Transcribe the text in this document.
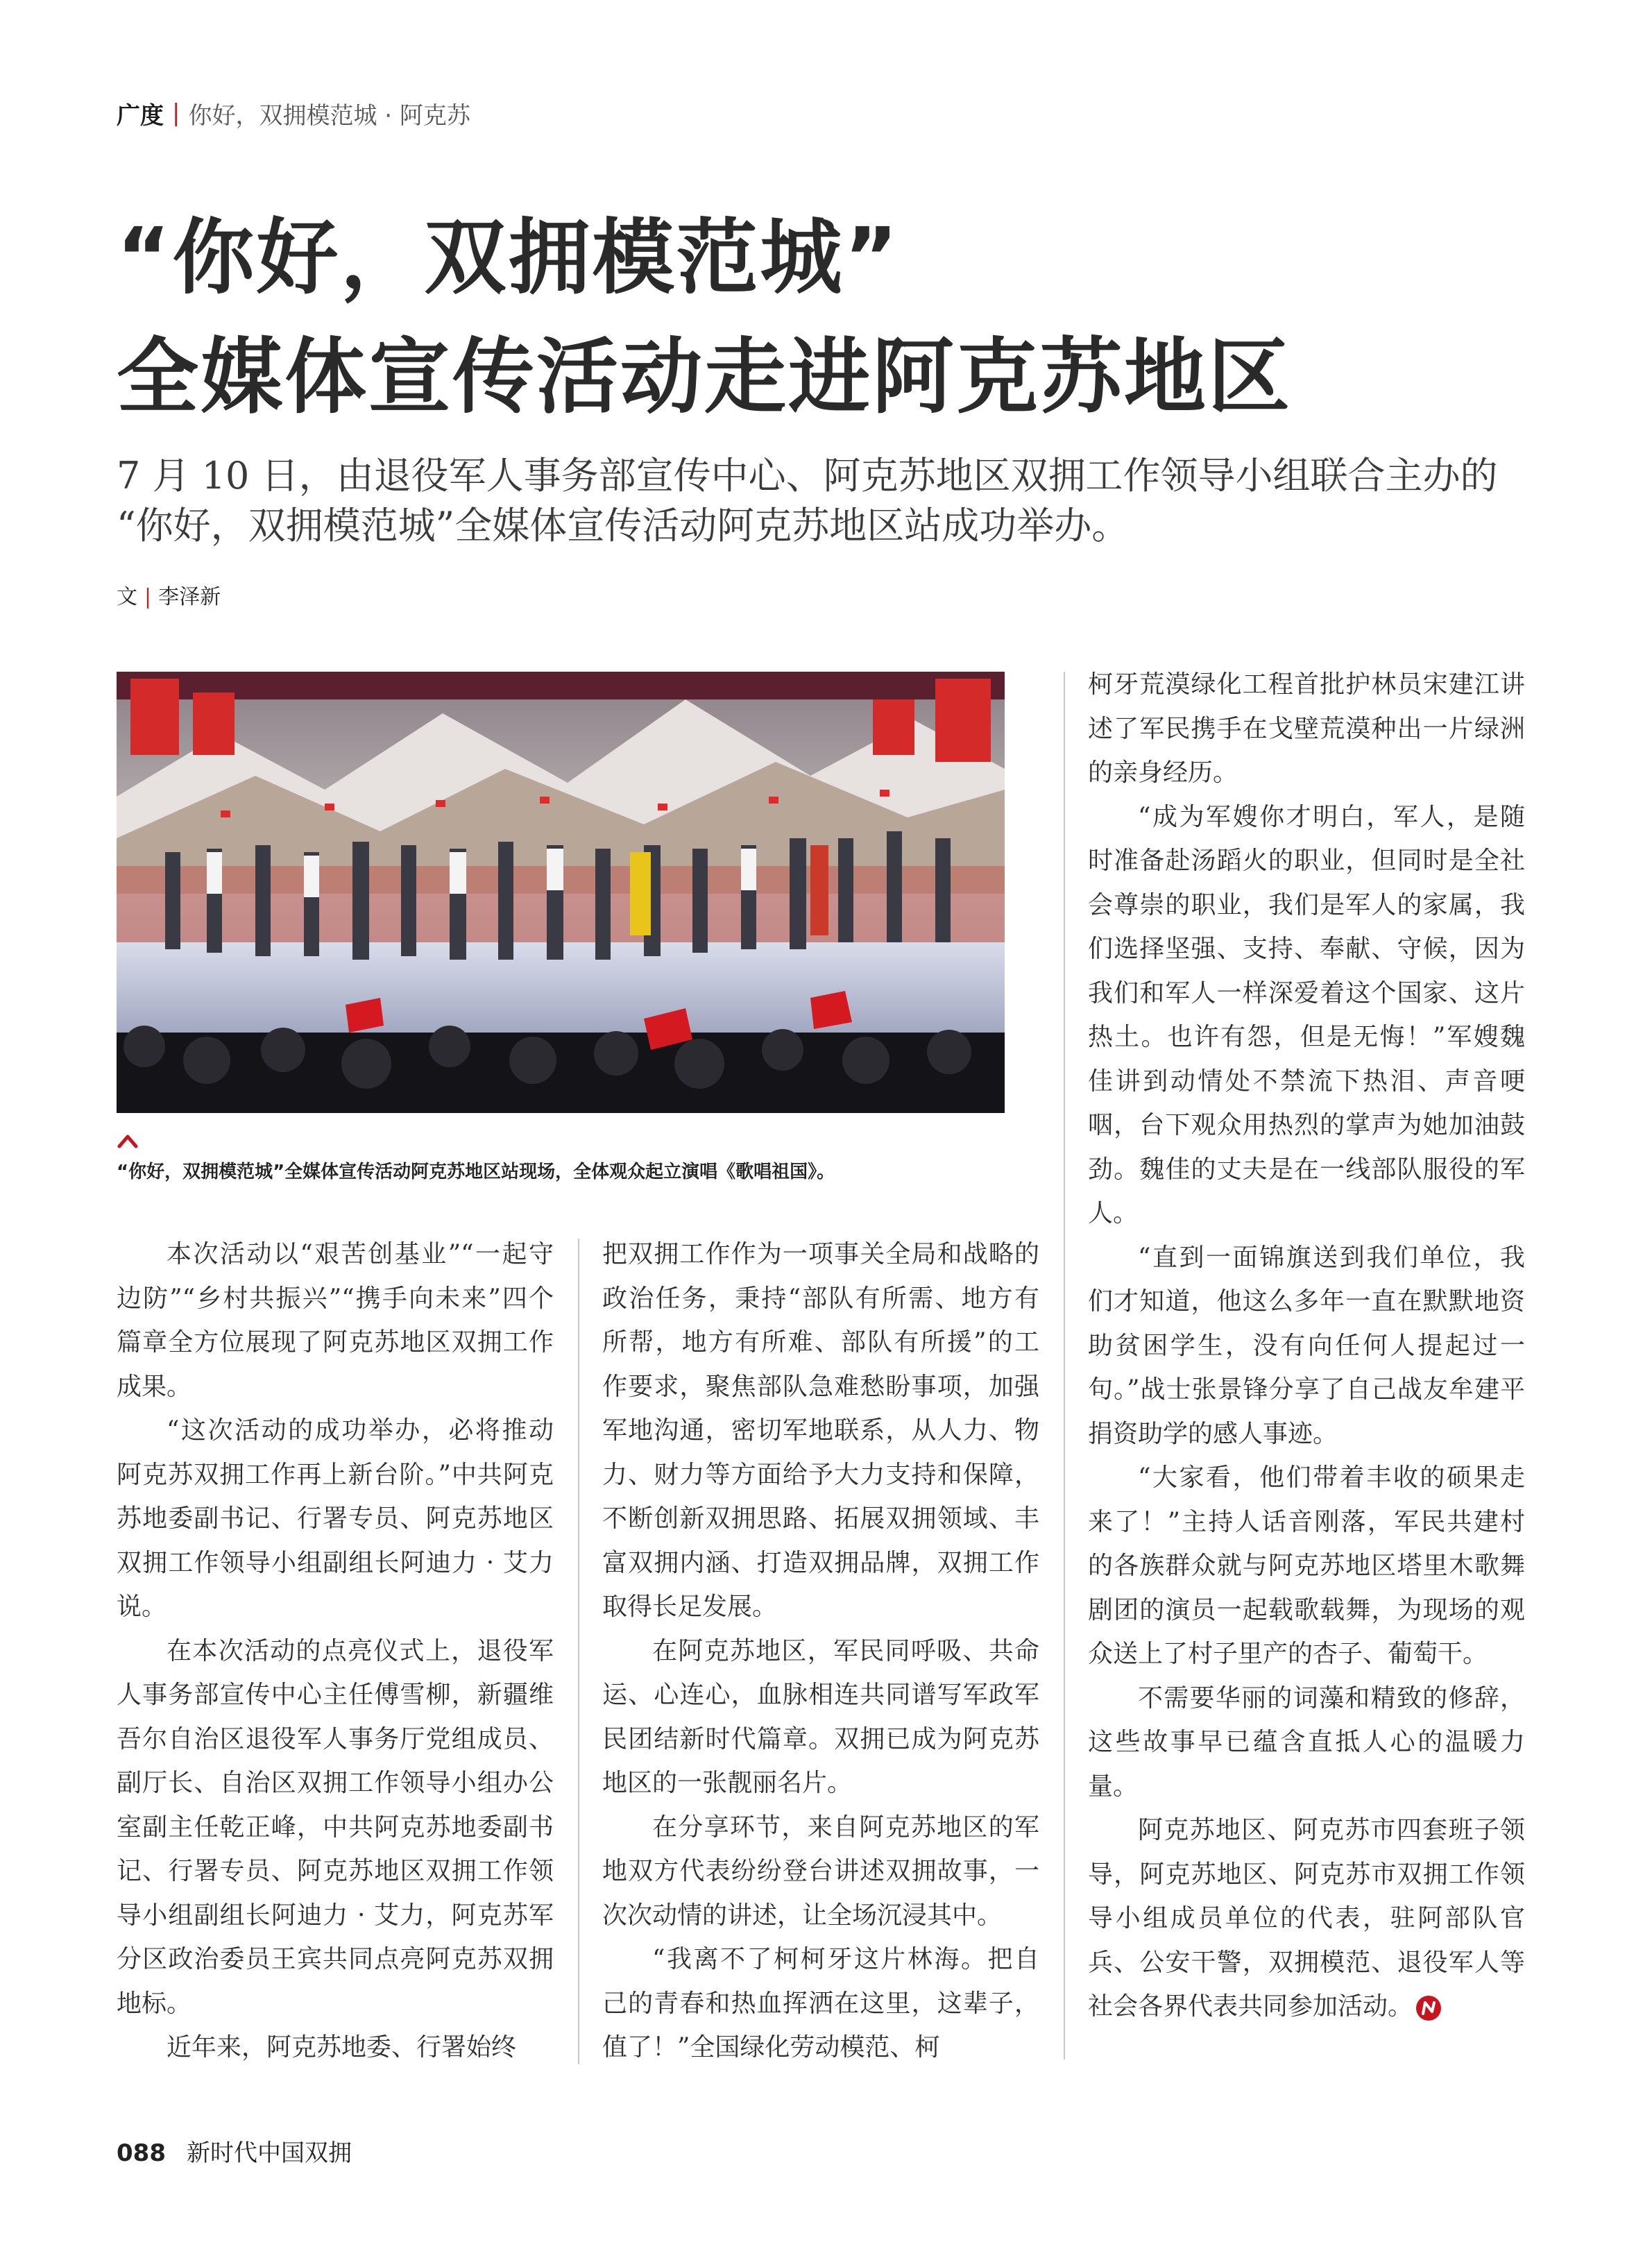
广度 | 你好，双拥模范城 · 阿克苏
“你好，双拥模范城”
全媒体宣传活动走进阿克苏地区
7 月 10 日，由退役军人事务部宣传中心、阿克苏地区双拥工作领导小组联合主办的
“你好，双拥模范城”全媒体宣传活动阿克苏地区站成功举办。
文 | 李泽新
“你好，双拥模范城”全媒体宣传活动阿克苏地区站现场，全体观众起立演唱《歌唱祖国》。

本次活动以“艰苦创基业”“一起守边防”“乡村共振兴”“携手向未来”四个篇章全方位展现了阿克苏地区双拥工作成果。

“这次活动的成功举办，必将推动阿克苏双拥工作再上新台阶。”中共阿克苏地委副书记、行署专员、阿克苏地区双拥工作领导小组副组长阿迪力 · 艾力说。

在本次活动的点亮仪式上，退役军人事务部宣传中心主任傅雪柳，新疆维吾尔自治区退役军人事务厅党组成员、副厅长、自治区双拥工作领导小组办公室副主任乾正峰，中共阿克苏地委副书记、行署专员、阿克苏地区双拥工作领导小组副组长阿迪力 · 艾力，阿克苏军分区政治委员王宾共同点亮阿克苏双拥地标。

近年来，阿克苏地委、行署始终

把双拥工作作为一项事关全局和战略的政治任务，秉持“部队有所需、地方有所帮，地方有所难、部队有所援”的工作要求，聚焦部队急难愁盼事项，加强军地沟通，密切军地联系，从人力、物力、财力等方面给予大力支持和保障，不断创新双拥思路、拓展双拥领域、丰富双拥内涵、打造双拥品牌，双拥工作取得长足发展。

在阿克苏地区，军民同呼吸、共命运、心连心，血脉相连共同谱写军政军民团结新时代篇章。双拥已成为阿克苏地区的一张靓丽名片。

在分享环节，来自阿克苏地区的军地双方代表纷纷登台讲述双拥故事，一次次动情的讲述，让全场沉浸其中。

“我离不了柯柯牙这片林海。把自己的青春和热血挥洒在这里，这辈子，值了！”全国绿化劳动模范、柯

柯牙荒漠绿化工程首批护林员宋建江讲述了军民携手在戈壁荒漠种出一片绿洲的亲身经历。

“成为军嫂你才明白，军人，是随时准备赴汤蹈火的职业，但同时是全社会尊崇的职业，我们是军人的家属，我们选择坚强、支持、奉献、守候，因为我们和军人一样深爱着这个国家、这片热土。也许有怨，但是无悔！”军嫂魏佳讲到动情处不禁流下热泪、声音哽咽，台下观众用热烈的掌声为她加油鼓劲。魏佳的丈夫是在一线部队服役的军人。

“直到一面锦旗送到我们单位，我们才知道，他这么多年一直在默默地资助贫困学生，没有向任何人提起过一句。”战士张景锋分享了自己战友牟建平捐资助学的感人事迹。

“大家看，他们带着丰收的硕果走来了！”主持人话音刚落，军民共建村的各族群众就与阿克苏地区塔里木歌舞剧团的演员一起载歌载舞，为现场的观众送上了村子里产的杏子、葡萄干。

不需要华丽的词藻和精致的修辞，这些故事早已蕴含直抵人心的温暖力量。

阿克苏地区、阿克苏市四套班子领导，阿克苏地区、阿克苏市双拥工作领导小组成员单位的代表，驻阿部队官兵、公安干警，双拥模范、退役军人等社会各界代表共同参加活动。

088 新时代中国双拥
